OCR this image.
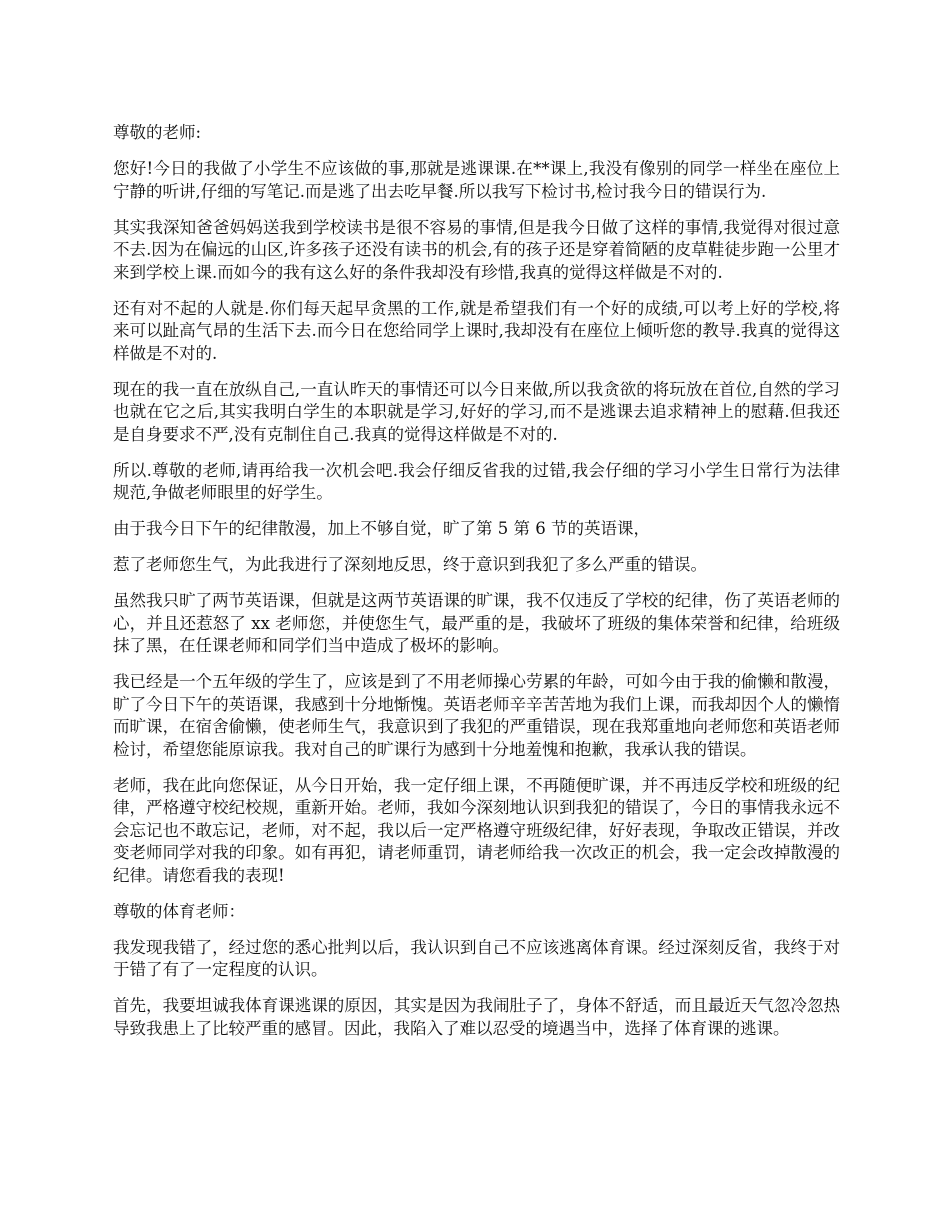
尊敬的老师:

您好!今日的我做了小学生不应该做的事,那就是逃课课.在**课上,我没有像别的同学一样坐在座位上宁静的听讲,仔细的写笔记.而是逃了出去吃早餐.所以我写下检讨书,检讨我今日的错误行为.

其实我深知爸爸妈妈送我到学校读书是很不容易的事情,但是我今日做了这样的事情,我觉得对很过意不去.因为在偏远的山区,许多孩子还没有读书的机会,有的孩子还是穿着简陋的皮草鞋徒步跑一公里才来到学校上课.而如今的我有这么好的条件我却没有珍惜,我真的觉得这样做是不对的.

还有对不起的人就是.你们每天起早贪黑的工作,就是希望我们有一个好的成绩,可以考上好的学校,将来可以趾高气昂的生活下去.而今日在您给同学上课时,我却没有在座位上倾听您的教导.我真的觉得这样做是不对的.

现在的我一直在放纵自己,一直认昨天的事情还可以今日来做,所以我贪欲的将玩放在首位,自然的学习也就在它之后,其实我明白学生的本职就是学习,好好的学习,而不是逃课去追求精神上的慰藉.但我还是自身要求不严,没有克制住自己.我真的觉得这样做是不对的.

所以.尊敬的老师,请再给我一次机会吧.我会仔细反省我的过错,我会仔细的学习小学生日常行为法律规范,争做老师眼里的好学生。

由于我今日下午的纪律散漫，加上不够自觉，旷了第 5 第 6 节的英语课，

惹了老师您生气，为此我进行了深刻地反思，终于意识到我犯了多么严重的错误。

虽然我只旷了两节英语课，但就是这两节英语课的旷课，我不仅违反了学校的纪律，伤了英语老师的心，并且还惹怒了 xx 老师您，并使您生气，最严重的是，我破坏了班级的集体荣誉和纪律，给班级抹了黑，在任课老师和同学们当中造成了极坏的影响。

我已经是一个五年级的学生了，应该是到了不用老师操心劳累的年龄，可如今由于我的偷懒和散漫，旷了今日下午的英语课，我感到十分地惭愧。英语老师辛辛苦苦地为我们上课，而我却因个人的懒惰而旷课，在宿舍偷懒，使老师生气，我意识到了我犯的严重错误，现在我郑重地向老师您和英语老师检讨，希望您能原谅我。我对自己的旷课行为感到十分地羞愧和抱歉，我承认我的错误。

老师，我在此向您保证，从今日开始，我一定仔细上课，不再随便旷课，并不再违反学校和班级的纪律，严格遵守校纪校规，重新开始。老师，我如今深刻地认识到我犯的错误了，今日的事情我永远不会忘记也不敢忘记，老师，对不起，我以后一定严格遵守班级纪律，好好表现，争取改正错误，并改变老师同学对我的印象。如有再犯，请老师重罚，请老师给我一次改正的机会，我一定会改掉散漫的纪律。请您看我的表现!

尊敬的体育老师：

我发现我错了，经过您的悉心批判以后，我认识到自己不应该逃离体育课。经过深刻反省，我终于对于错了有了一定程度的认识。

首先，我要坦诚我体育课逃课的原因，其实是因为我闹肚子了，身体不舒适，而且最近天气忽冷忽热导致我患上了比较严重的感冒。因此，我陷入了难以忍受的境遇当中，选择了体育课的逃课。
